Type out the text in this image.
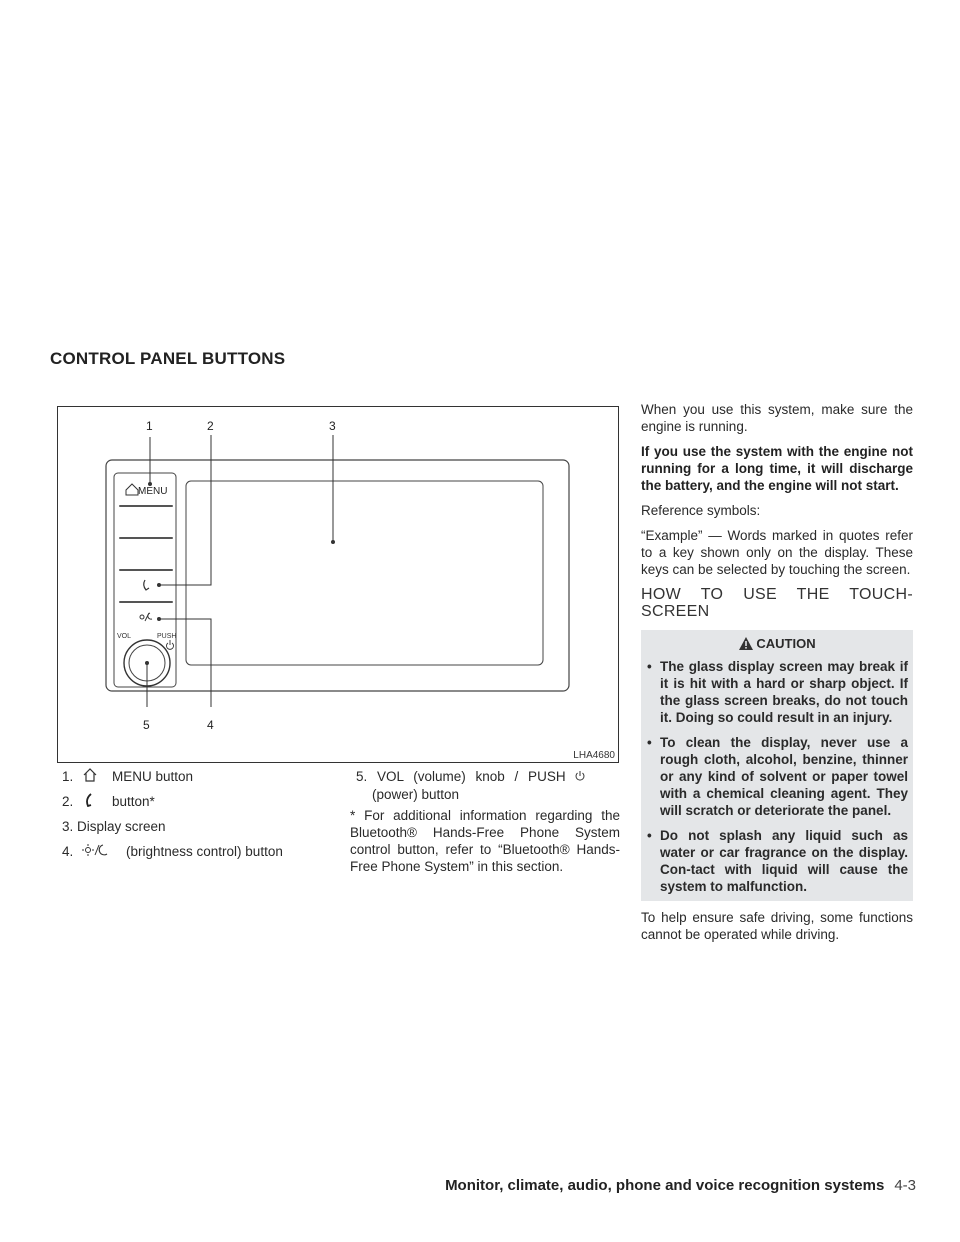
CONTROL PANEL BUTTONS
MENU
VOL	PUSH
1	2	3
4
5
LHA4680
1.	MENU button
2.	button*
3. Display screen
4.	(brightness control) button
5. VOL (volume) knob / PUSH
(power) button

* For additional information regarding the Bluetooth® Hands-Free Phone System control button, refer to “Bluetooth® Hands-Free Phone System” in this section.

When you use this system, make sure the engine is running.

If you use the system with the engine not running for a long time, it will discharge the battery, and the engine will not start.

Reference symbols:

“Example” — Words marked in quotes refer to a key shown only on the display. These keys can be selected by touching the screen.

HOW TO USE THE TOUCH-SCREEN
CAUTION
• The glass display screen may break if it is hit with a hard or sharp object. If the glass screen breaks, do not touch it. Doing so could result in an injury.
• To clean the display, never use a rough cloth, alcohol, benzine, thinner or any kind of solvent or paper towel with a chemical cleaning agent. They will scratch or deteriorate the panel.
• Do not splash any liquid such as water or car fragrance on the display. Con-tact with liquid will cause the system to malfunction.

To help ensure safe driving, some functions cannot be operated while driving.

Monitor, climate, audio, phone and voice recognition systems 4-3
